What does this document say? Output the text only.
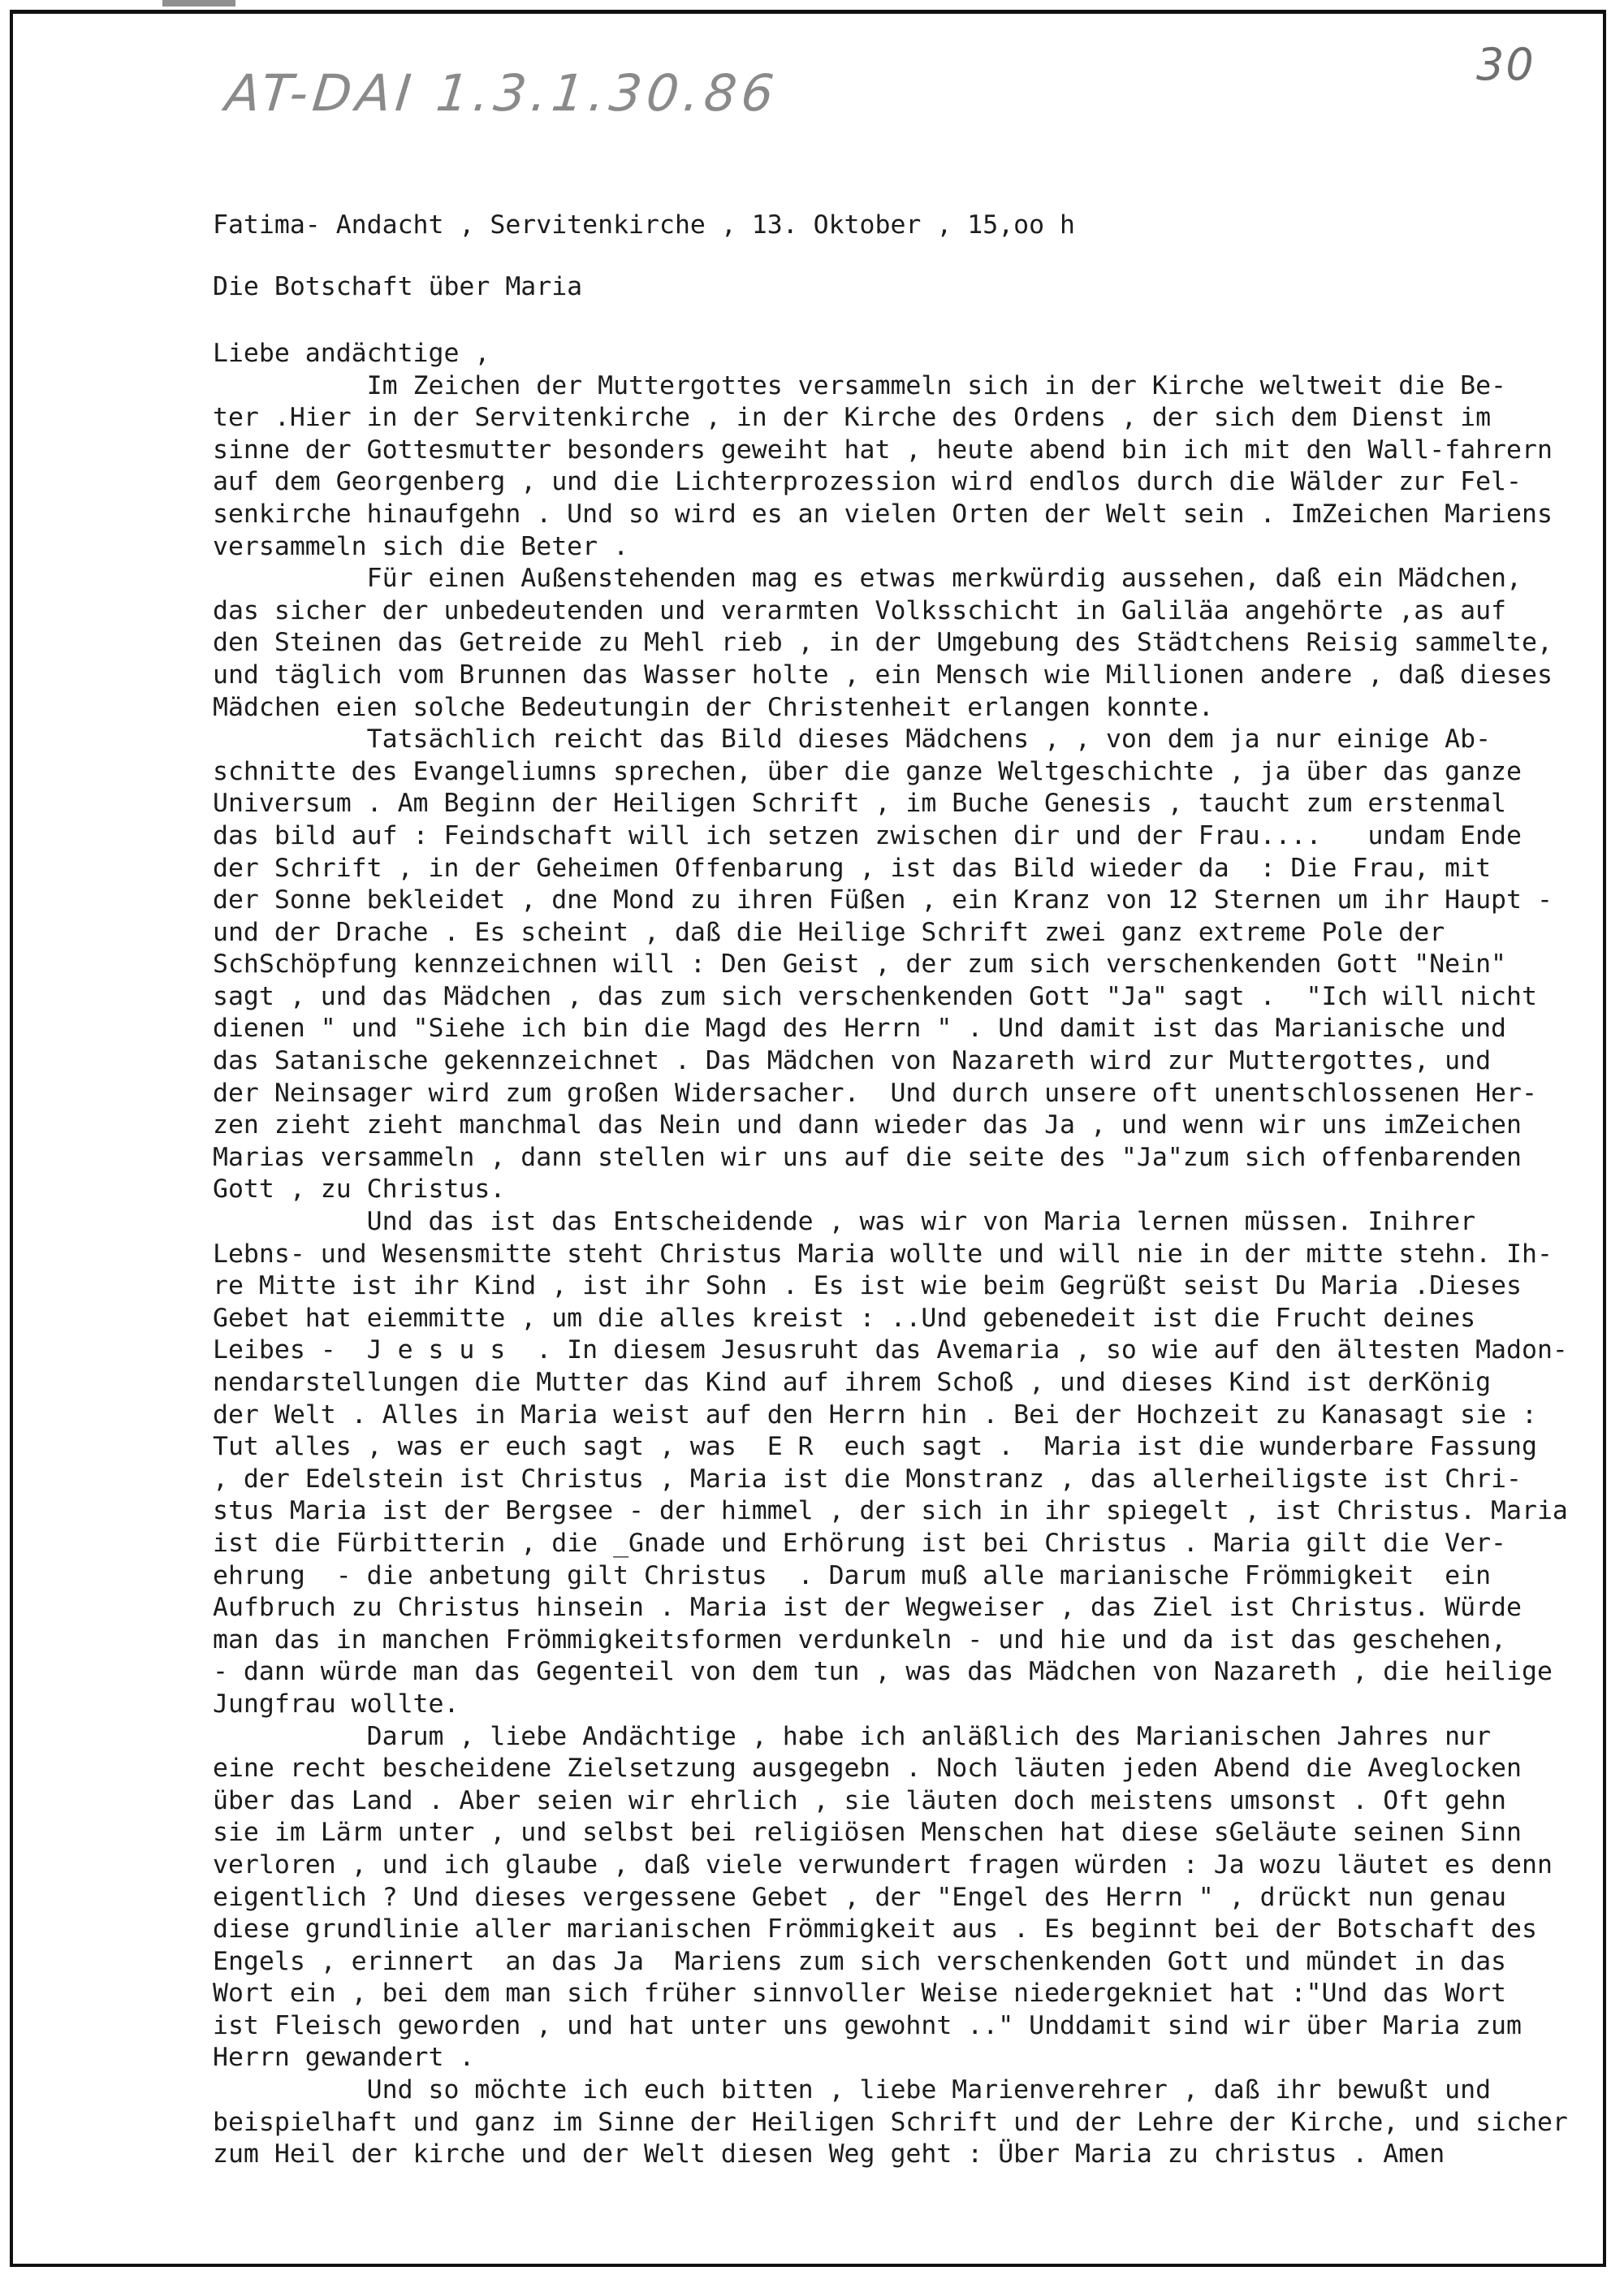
AT-DAI 1.3.1.30.86	30
Fatima- Andacht , Servitenkirche , 13. Oktober , 15,oo h
Die Botschaft über Maria
Liebe andächtige ,
Im Zeichen der Muttergottes versammeln sich in der Kirche weltweit die Be-
ter .Hier in der Servitenkirche , in der Kirche des Ordens , der sich dem Dienst im
sinne der Gottesmutter besonders geweiht hat , heute abend bin ich mit den Wall-fahrern
auf dem Georgenberg , und die Lichterprozession wird endlos durch die Wälder zur Fel-
senkirche hinaufgehn . Und so wird es an vielen Orten der Welt sein . ImZeichen Mariens
versammeln sich die Beter .
Für einen Außenstehenden mag es etwas merkwürdig aussehen, daß ein Mädchen,
das sicher der unbedeutenden und verarmten Volksschicht in Galiläa angehörte ,as auf
den Steinen das Getreide zu Mehl rieb , in der Umgebung des Städtchens Reisig sammelte,
und täglich vom Brunnen das Wasser holte , ein Mensch wie Millionen andere , daß dieses
Mädchen eien solche Bedeutungin der Christenheit erlangen konnte.
Tatsächlich reicht das Bild dieses Mädchens , , von dem ja nur einige Ab-
schnitte des Evangeliumns sprechen, über die ganze Weltgeschichte , ja über das ganze
Universum . Am Beginn der Heiligen Schrift , im Buche Genesis , taucht zum erstenmal
das bild auf : Feindschaft will ich setzen zwischen dir und der Frau....   undam Ende
der Schrift , in der Geheimen Offenbarung , ist das Bild wieder da  : Die Frau, mit
der Sonne bekleidet , dne Mond zu ihren Füßen , ein Kranz von 12 Sternen um ihr Haupt -
und der Drache . Es scheint , daß die Heilige Schrift zwei ganz extreme Pole der
SchSchöpfung kennzeichnen will : Den Geist , der zum sich verschenkenden Gott "Nein"
sagt , und das Mädchen , das zum sich verschenkenden Gott "Ja" sagt .  "Ich will nicht
dienen " und "Siehe ich bin die Magd des Herrn " . Und damit ist das Marianische und
das Satanische gekennzeichnet . Das Mädchen von Nazareth wird zur Muttergottes, und
der Neinsager wird zum großen Widersacher.  Und durch unsere oft unentschlossenen Her-
zen zieht zieht manchmal das Nein und dann wieder das Ja , und wenn wir uns imZeichen
Marias versammeln , dann stellen wir uns auf die seite des "Ja"zum sich offenbarenden
Gott , zu Christus.
Und das ist das Entscheidende , was wir von Maria lernen müssen. Inihrer
Lebns- und Wesensmitte steht Christus Maria wollte und will nie in der mitte stehn. Ih-
re Mitte ist ihr Kind , ist ihr Sohn . Es ist wie beim Gegrüßt seist Du Maria .Dieses
Gebet hat eiemmitte , um die alles kreist : ..Und gebenedeit ist die Frucht deines
Leibes -  J e s u s  . In diesem Jesusruht das Avemaria , so wie auf den ältesten Madon-
nendarstellungen die Mutter das Kind auf ihrem Schoß , und dieses Kind ist derKönig
der Welt . Alles in Maria weist auf den Herrn hin . Bei der Hochzeit zu Kanasagt sie :
Tut alles , was er euch sagt , was  E R  euch sagt .  Maria ist die wunderbare Fassung
, der Edelstein ist Christus , Maria ist die Monstranz , das allerheiligste ist Chri-
stus Maria ist der Bergsee - der himmel , der sich in ihr spiegelt , ist Christus. Maria
ist die Fürbitterin , die _Gnade und Erhörung ist bei Christus . Maria gilt die Ver-
ehrung  - die anbetung gilt Christus  . Darum muß alle marianische Frömmigkeit  ein
Aufbruch zu Christus hinsein . Maria ist der Wegweiser , das Ziel ist Christus. Würde
man das in manchen Frömmigkeitsformen verdunkeln - und hie und da ist das geschehen,
- dann würde man das Gegenteil von dem tun , was das Mädchen von Nazareth , die heilige
Jungfrau wollte.
Darum , liebe Andächtige , habe ich anläßlich des Marianischen Jahres nur
eine recht bescheidene Zielsetzung ausgegebn . Noch läuten jeden Abend die Aveglocken
über das Land . Aber seien wir ehrlich , sie läuten doch meistens umsonst . Oft gehn
sie im Lärm unter , und selbst bei religiösen Menschen hat diese sGeläute seinen Sinn
verloren , und ich glaube , daß viele verwundert fragen würden : Ja wozu läutet es denn
eigentlich ? Und dieses vergessene Gebet , der "Engel des Herrn " , drückt nun genau
diese grundlinie aller marianischen Frömmigkeit aus . Es beginnt bei der Botschaft des
Engels , erinnert  an das Ja  Mariens zum sich verschenkenden Gott und mündet in das
Wort ein , bei dem man sich früher sinnvoller Weise niedergekniet hat :"Und das Wort
ist Fleisch geworden , und hat unter uns gewohnt .." Unddamit sind wir über Maria zum
Herrn gewandert .
Und so möchte ich euch bitten , liebe Marienverehrer , daß ihr bewußt und
beispielhaft und ganz im Sinne der Heiligen Schrift und der Lehre der Kirche, und sicher
zum Heil der kirche und der Welt diesen Weg geht : Über Maria zu christus . Amen
